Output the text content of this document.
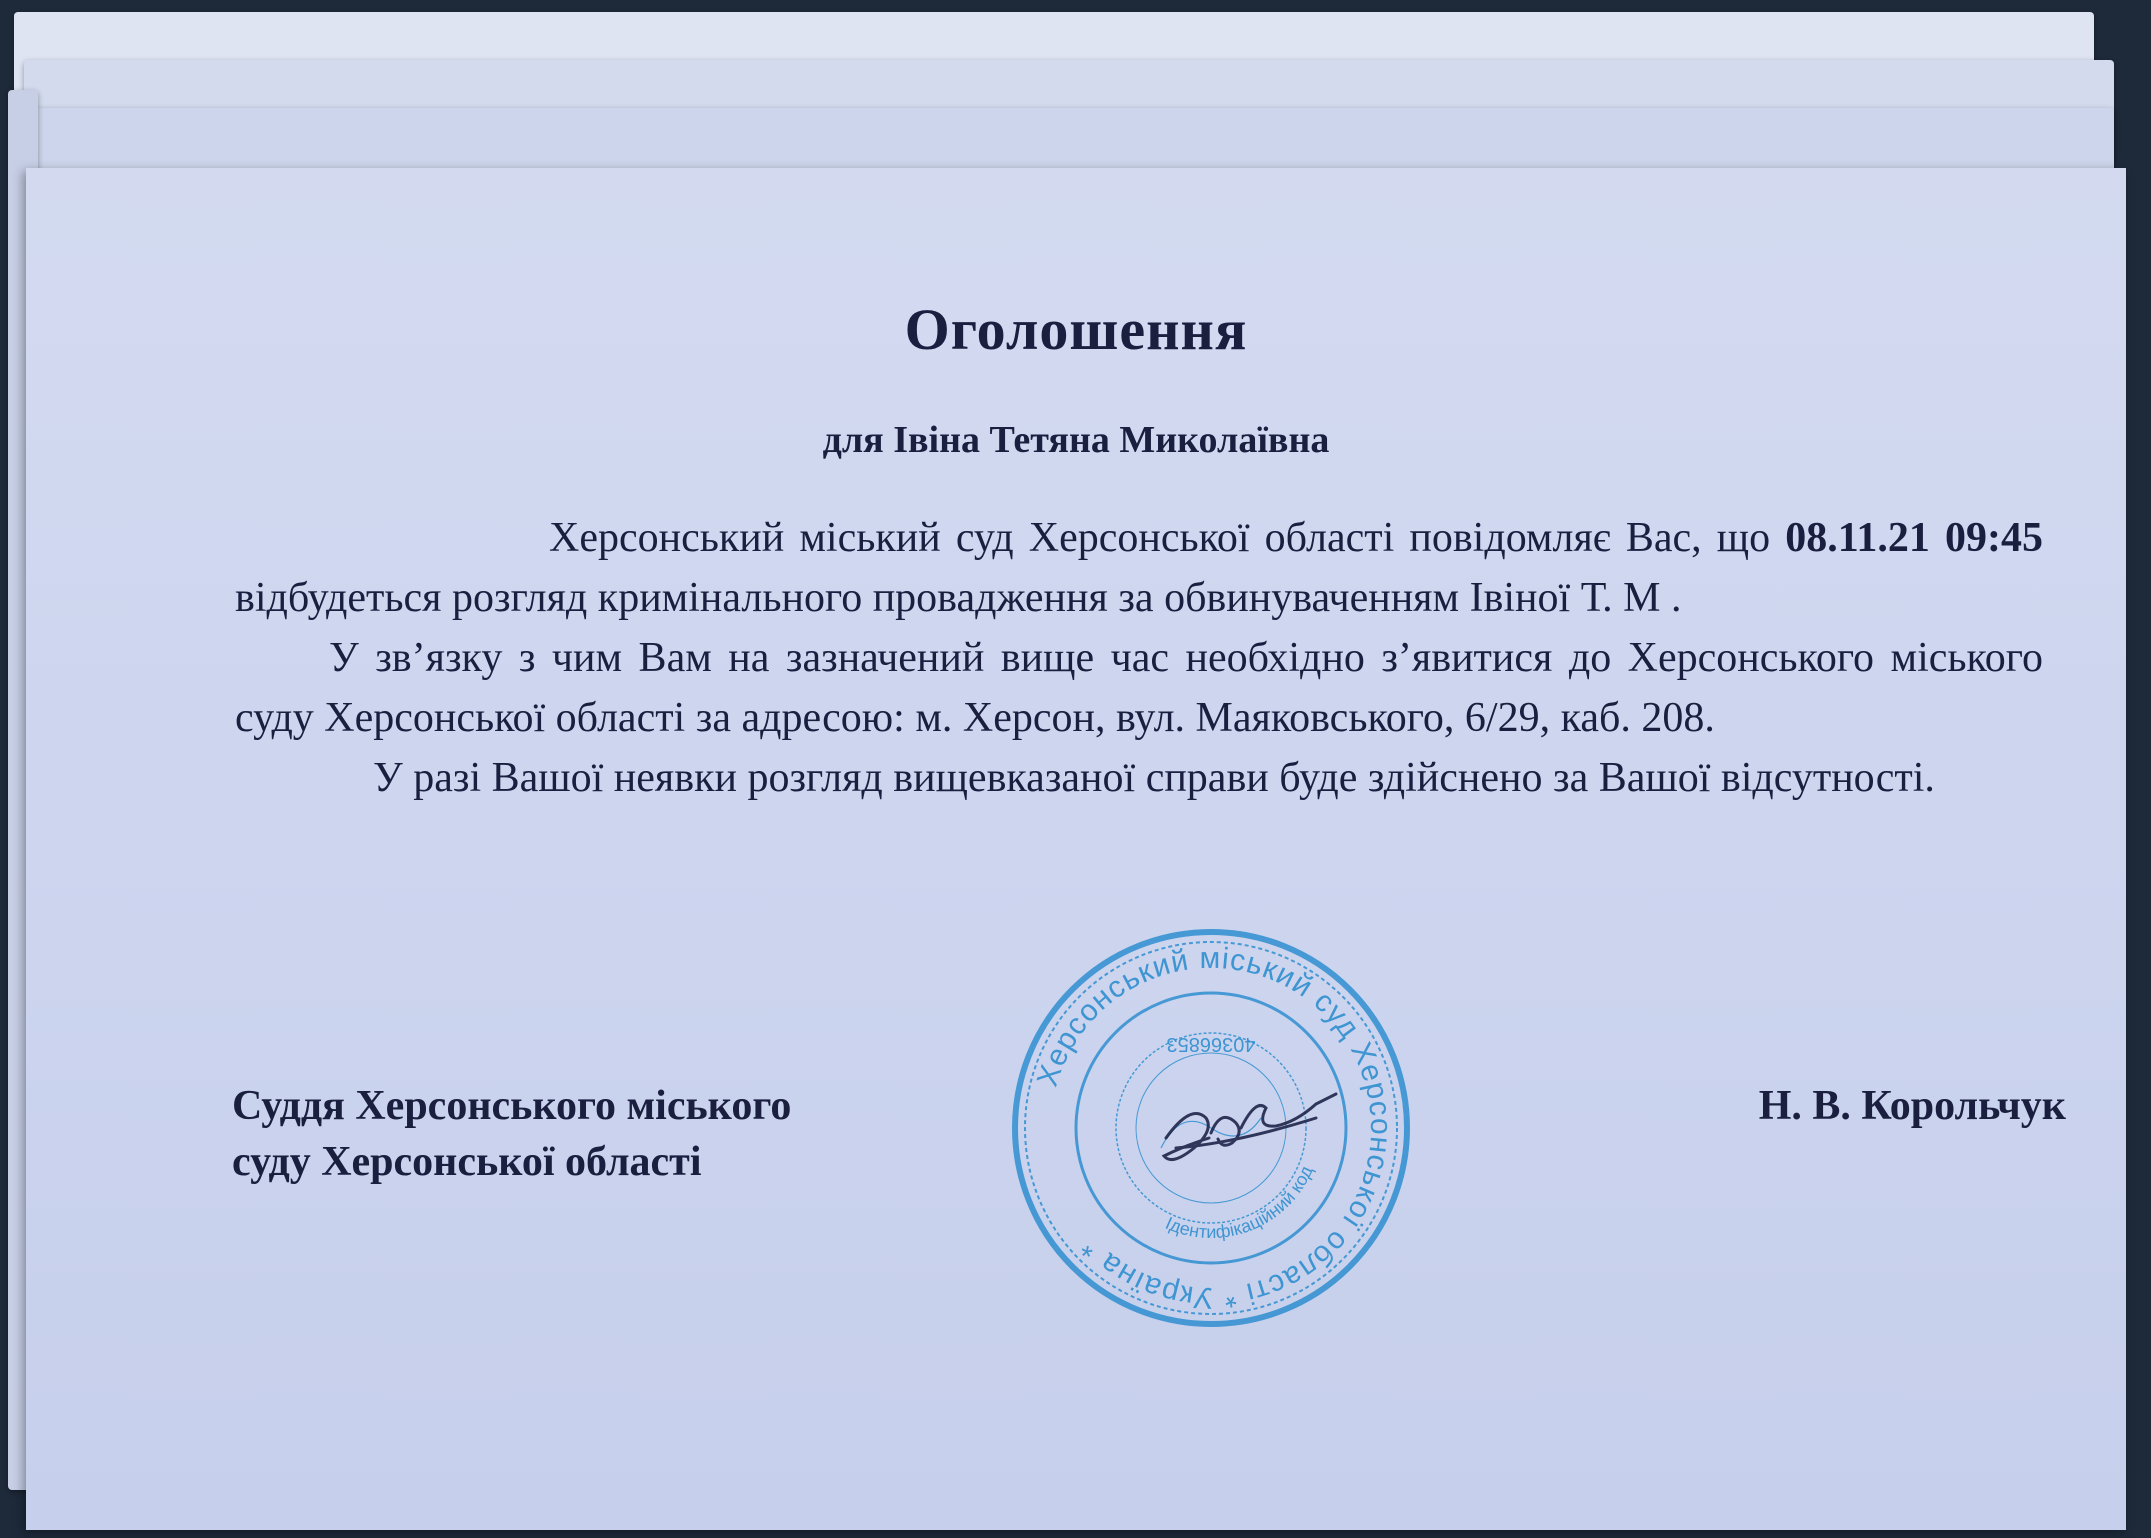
Оголошення
для Івіна Тетяна Миколаївна

Херсонський міський суд Херсонської області повідомляє Вас, що 08.11.21 09:45 відбудеться розгляд кримінального провадження за обвинуваченням Івіної Т. М .

У зв’язку з чим Вам на зазначений вище час необхідно з’явитися до Херсонського міського суду Херсонської області за адресою: м. Херсон, вул. Маяковського, 6/29, каб. 208.

У разі Вашої неявки розгляд вищевказаної справи буде здійснено за Вашої відсутності.

Суддя Херсонського міського
суду Херсонської області
Н. В. Корольчук
Херсонський міський суд Херсонської області * Україна *
Ідентифікаційний код
40366853
